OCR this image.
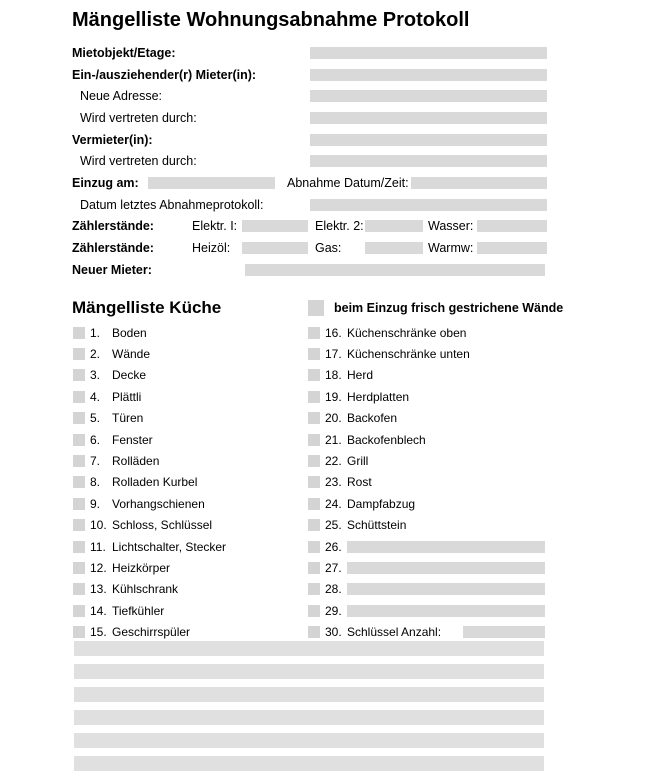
Mängelliste Wohnungsabnahme Protokoll
Mietobjekt/Etage:
Ein-/ausziehender(r) Mieter(in):
Neue Adresse:
Wird vertreten durch:
Vermieter(in):
Wird vertreten durch:
Einzug am:	Abnahme Datum/Zeit:
Datum letztes Abnahmeprotokoll:
Zählerstände:	Elektr. I:	Elektr. 2:	Wasser:
Zählerstände:	Heizöl:	Gas:	Warmw:
Neuer Mieter:
Mängelliste Küche	beim Einzug frisch gestrichene Wände
1. Boden	16. Küchenschränke oben
2. Wände	17. Küchenschränke unten
3. Decke	18. Herd
4. Plättli	19. Herdplatten
5. Türen	20. Backofen
6. Fenster	21. Backofenblech
7. Rolläden	22. Grill
8. Rolladen Kurbel	23. Rost
9. Vorhangschienen	24. Dampfabzug
10. Schloss, Schlüssel	25. Schüttstein
11. Lichtschalter, Stecker	26.
12. Heizkörper	27.
13. Kühlschrank	28.
14. Tiefkühler	29.
15. Geschirrspüler	30. Schlüssel Anzahl:
